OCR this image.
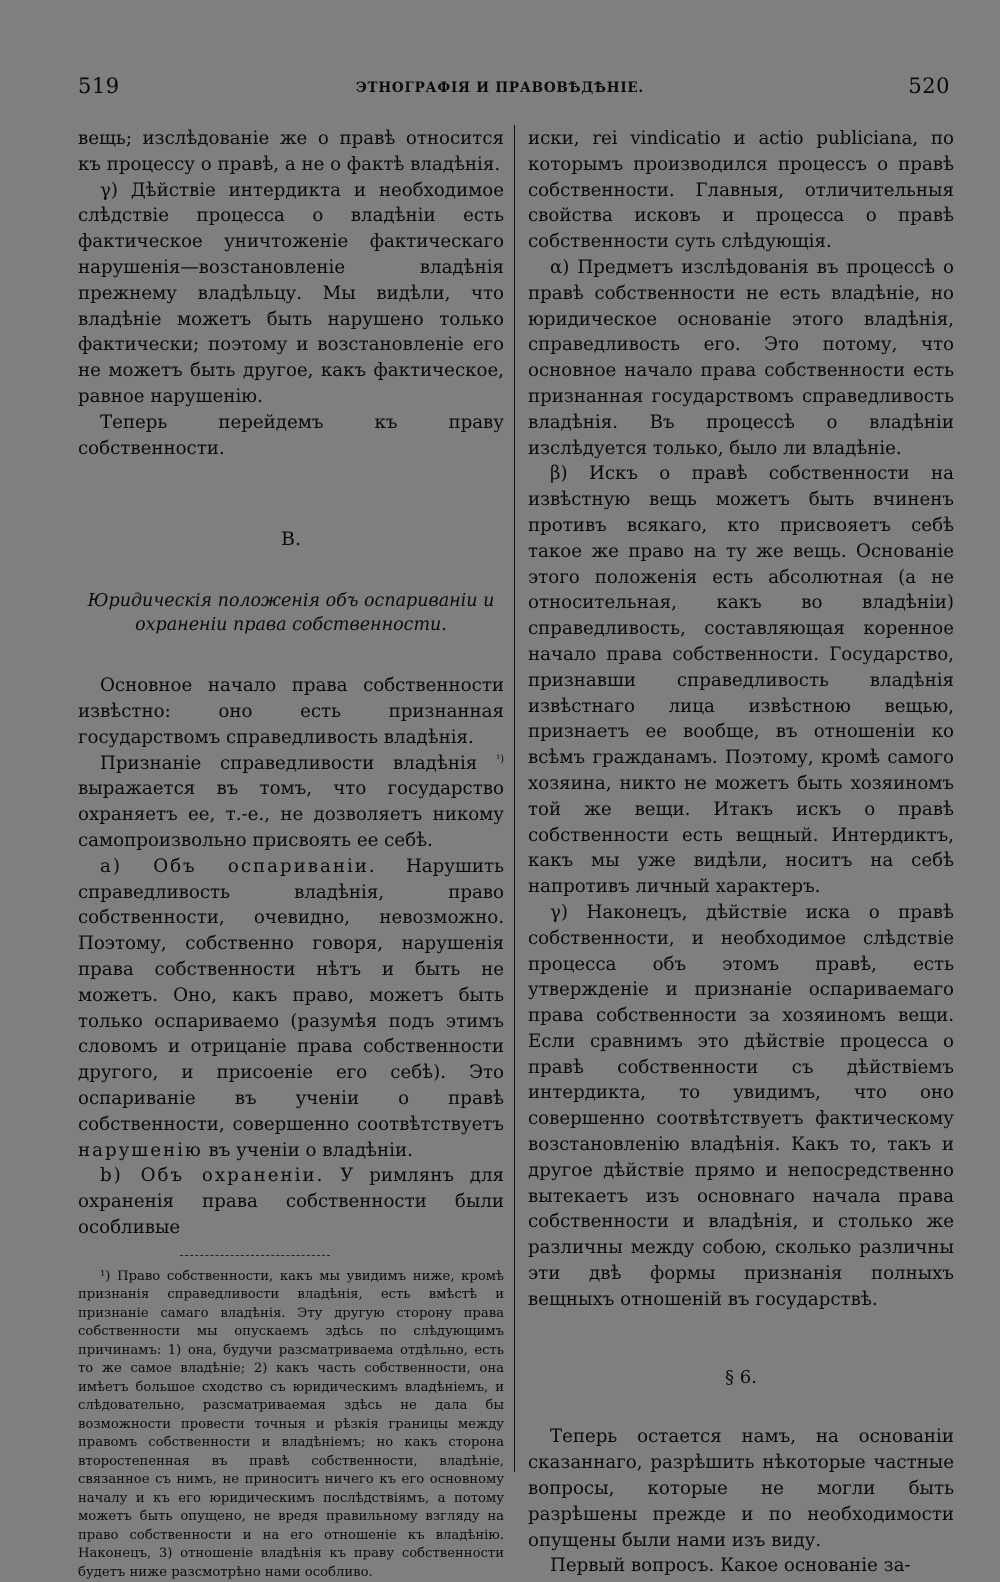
519	ЭТНОГРАФІЯ И ПРАВОВѢДѢНІЕ.	520

вещь; изслѣдованіе же о правѣ относится къ процессу о правѣ, а не о фактѣ владѣнія.

γ) Дѣйствіе интердикта и необходимое слѣдствіе процесса о владѣніи есть фактическое уничтоженіе фактическаго нарушенія—возстановленіе владѣнія прежнему владѣльцу. Мы видѣли, что владѣніе можетъ быть нарушено только фактически; поэтому и возстановленіе его не можетъ быть другое, какъ фактическое, равное нарушенію.

Теперь перейдемъ къ праву собственности.

B.
Юридическія положенія объ оспариваніи и охраненіи права собственности.

Основное начало права собственности извѣстно: оно есть признанная государствомъ справедливость владѣнія.

Признаніе справедливости владѣнія $^{^1)}$ выражается въ томъ, что государство охраняетъ ее, т.-е., не дозволяетъ никому самопроизвольно присвоять ее себѣ.

а) Объ оспариваніи. Нарушить справедливость владѣнія, право собственности, очевидно, невозможно. Поэтому, собственно говоря, нарушенія права собственности нѣтъ и быть не можетъ. Оно, какъ право, можетъ быть только оспариваемо (разумѣя подъ этимъ словомъ и отрицаніе права собственности другого, и присоеніе его себѣ). Это оспариваніе въ ученіи о правѣ собственности, совершенно соотвѣтствуетъ нарушенію въ ученіи о владѣніи.

b) Объ охраненіи. У римлянъ для охраненія права собственности были особливые

¹) Право собственности, какъ мы увидимъ ниже, кромѣ признанія справедливости владѣнія, есть вмѣстѣ и признаніе самаго владѣнія. Эту другую сторону права собственности мы опускаемъ здѣсь по слѣдующимъ причинамъ: 1) она, будучи разсматриваема отдѣльно, есть то же самое владѣніе; 2) какъ часть собственности, она имѣетъ большое сходство съ юридическимъ владѣніемъ, и слѣдовательно, разсматриваемая здѣсь не дала бы возможности провести точныя и рѣзкія границы между правомъ собственности и владѣніемъ; но какъ сторона второстепенная въ правѣ собственности, владѣніе, связанное съ нимъ, не приноситъ ничего къ его основному началу и къ его юридическимъ послѣдствіямъ, а потому можетъ быть опущено, не вредя правильному взгляду на право собственности и на его отношеніе къ владѣнію. Наконецъ, 3) отношеніе владѣнія къ праву собственности будетъ ниже разсмотрѣно нами особливо.

иски, rei vindicatio и actio publiciana, по которымъ производился процессъ о правѣ собственности. Главныя, отличительныя свойства исковъ и процесса о правѣ собственности суть слѣдующія.

α) Предметъ изслѣдованія въ процессѣ о правѣ собственности не есть владѣніе, но юридическое основаніе этого владѣнія, справедливость его. Это потому, что основное начало права собственности есть признанная государствомъ справедливость владѣнія. Въ процессѣ о владѣніи изслѣдуется только, было ли владѣніе.

β) Искъ о правѣ собственности на извѣстную вещь можетъ быть вчиненъ противъ всякаго, кто присвояетъ себѣ такое же право на ту же вещь. Основаніе этого положенія есть абсолютная (а не относительная, какъ во владѣніи) справедливость, составляющая коренное начало права собственности. Государство, признавши справедливость владѣнія извѣстнаго лица извѣстною вещью, признаетъ ее вообще, въ отношеніи ко всѣмъ гражданамъ. Поэтому, кромѣ самого хозяина, никто не можетъ быть хозяиномъ той же вещи. Итакъ искъ о правѣ собственности есть вещный. Интердиктъ, какъ мы уже видѣли, носитъ на себѣ напротивъ личный характеръ.

γ) Наконецъ, дѣйствіе иска о правѣ собственности, и необходимое слѣдствіе процесса объ этомъ правѣ, есть утвержденіе и признаніе оспариваемаго права собственности за хозяиномъ вещи. Если сравнимъ это дѣйствіе процесса о правѣ собственности съ дѣйствіемъ интердикта, то увидимъ, что оно совершенно соотвѣтствуетъ фактическому возстановленію владѣнія. Какъ то, такъ и другое дѣйствіе прямо и непосредственно вытекаетъ изъ основнаго начала права собственности и владѣнія, и столько же различны между собою, сколько различны эти двѣ формы признанія полныхъ вещныхъ отношеній въ государствѣ.

§ 6.

Теперь остается намъ, на основаніи сказаннаго, разрѣшить нѣкоторые частные вопросы, которые не могли быть разрѣшены прежде и по необходимости опущены были нами изъ виду.

Первый вопросъ. Какое основаніе за-
